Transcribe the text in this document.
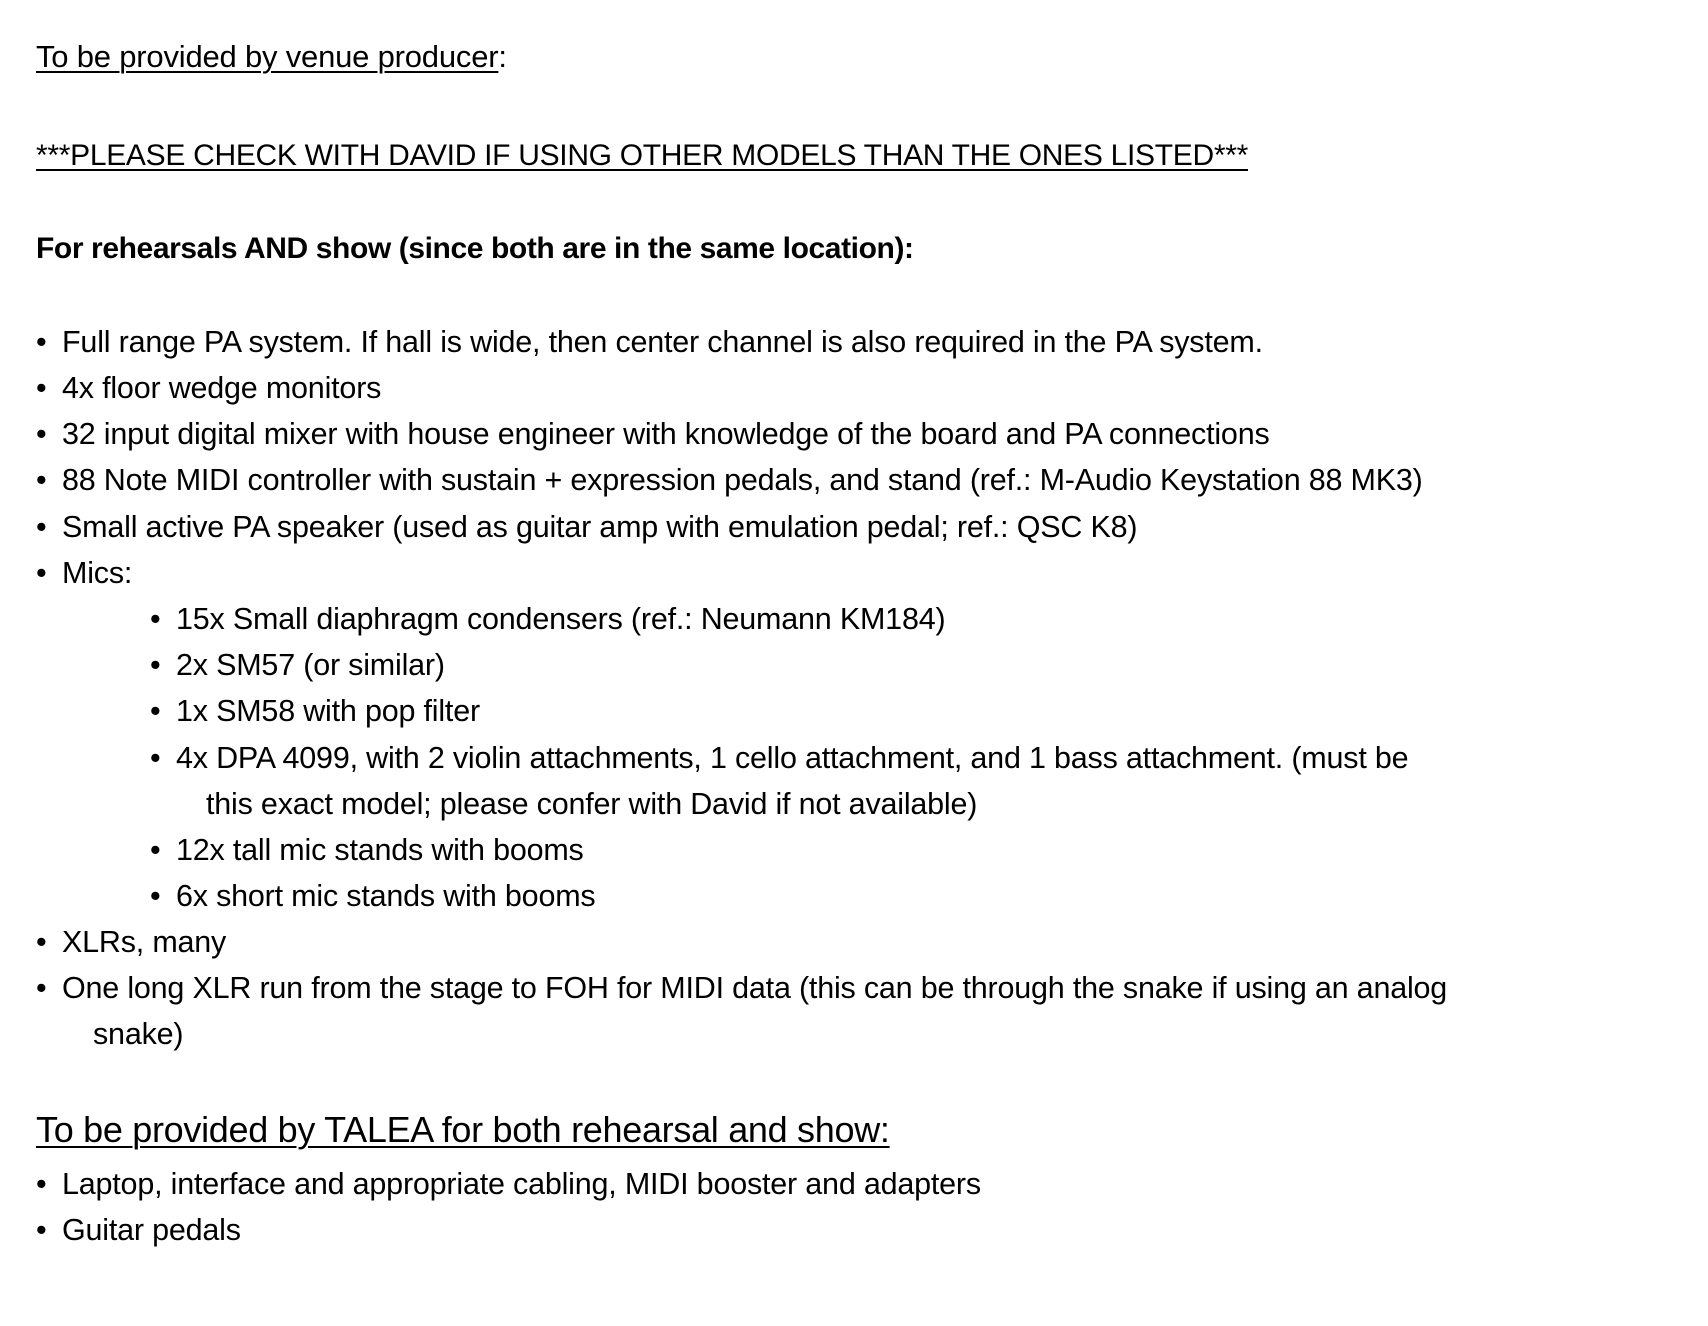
To be provided by venue producer:
***PLEASE CHECK WITH DAVID IF USING OTHER MODELS THAN THE ONES LISTED***
For rehearsals AND show (since both are in the same location):
• Full range PA system. If hall is wide, then center channel is also required in the PA system.
• 4x floor wedge monitors
• 32 input digital mixer with house engineer with knowledge of the board and PA connections
• 88 Note MIDI controller with sustain + expression pedals, and stand (ref.: M-Audio Keystation 88 MK3)
• Small active PA speaker (used as guitar amp with emulation pedal; ref.: QSC K8)
• Mics:
• 15x Small diaphragm condensers (ref.: Neumann KM184)
• 2x SM57 (or similar)
• 1x SM58 with pop filter
• 4x DPA 4099, with 2 violin attachments, 1 cello attachment, and 1 bass attachment. (must be
this exact model; please confer with David if not available)
• 12x tall mic stands with booms
• 6x short mic stands with booms
• XLRs, many
• One long XLR run from the stage to FOH for MIDI data (this can be through the snake if using an analog
snake)
To be provided by TALEA for both rehearsal and show:
• Laptop, interface and appropriate cabling, MIDI booster and adapters
• Guitar pedals
